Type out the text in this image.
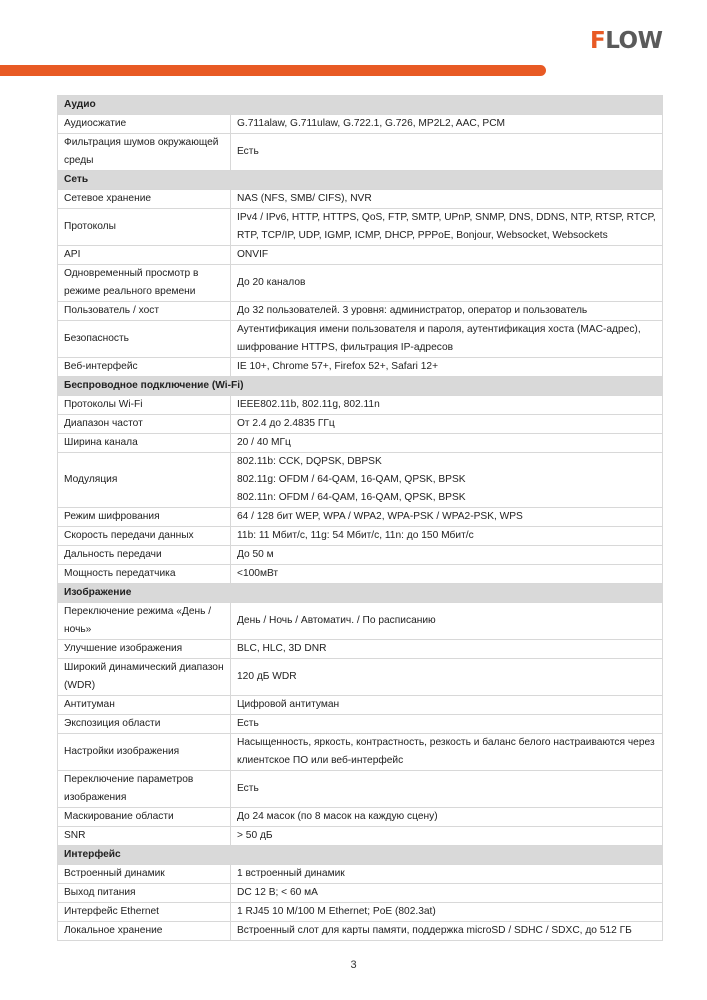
F LOW
Аудио	
Аудиосжатие	G.711alaw, G.711ulaw, G.722.1, G.726, MP2L2, AAC, PCM
Фильтрация шумов окружающей среды	Есть
Сеть	
Сетевое хранение	NAS (NFS, SMB/ CIFS), NVR
Протоколы	IPv4 / IPv6, HTTP, HTTPS, QoS, FTP, SMTP, UPnP, SNMP, DNS, DDNS, NTP, RTSP, RTCP, RTP, TCP/IP, UDP, IGMP, ICMP, DHCP, PPPoE, Bonjour, Websocket, Websockets
API	ONVIF
Одновременный просмотр в режиме реального времени	До 20 каналов
Пользователь / хост	До 32 пользователей. 3 уровня: администратор, оператор и пользователь
Безопасность	Аутентификация имени пользователя и пароля, аутентификация хоста (MAC-адрес), шифрование HTTPS, фильтрация IP-адресов
Веб-интерфейс	IE 10+, Chrome 57+, Firefox 52+, Safari 12+
Беспроводное подключение (Wi-Fi)	
Протоколы Wi-Fi	IEEE802.11b, 802.11g, 802.11n
Диапазон частот	От 2.4 до 2.4835 ГГц
Ширина канала	20 / 40 МГц
Модуляция	802.11b: CCK, DQPSK, DBPSK
802.11g: OFDM / 64-QAM, 16-QAM, QPSK, BPSK
802.11n: OFDM / 64-QAM, 16-QAM, QPSK, BPSK

Режим шифрования	64 / 128 бит WEP, WPA / WPA2, WPA-PSK / WPA2-PSK, WPS
Скорость передачи данных	11b: 11 Мбит/с, 11g: 54 Мбит/с, 11n: до 150 Мбит/с
Дальность передачи	До 50 м
Мощность передатчика	<100мВт
Изображение	
Переключение режима «День / ночь»	День / Ночь / Автоматич. / По расписанию
Улучшение изображения	BLC, HLC, 3D DNR
Широкий динамический диапазон (WDR)	120 дБ WDR
Антитуман	Цифровой антитуман
Экспозиция области	Есть
Настройки изображения	Насыщенность, яркость, контрастность, резкость и баланс белого настраиваются через клиентское ПО или веб-интерфейс
Переключение параметров изображения	Есть
Маскирование области	До 24 масок (по 8 масок на каждую сцену)
SNR	> 50 дБ
Интерфейс	
Встроенный динамик	1 встроенный динамик
Выход питания	DC 12 В; < 60 мА
Интерфейс Ethernet	1 RJ45 10 M/100 M Ethernet; PoE (802.3at)
Локальное хранение	Встроенный слот для карты памяти, поддержка microSD / SDHC / SDXC, до 512 ГБ
3
